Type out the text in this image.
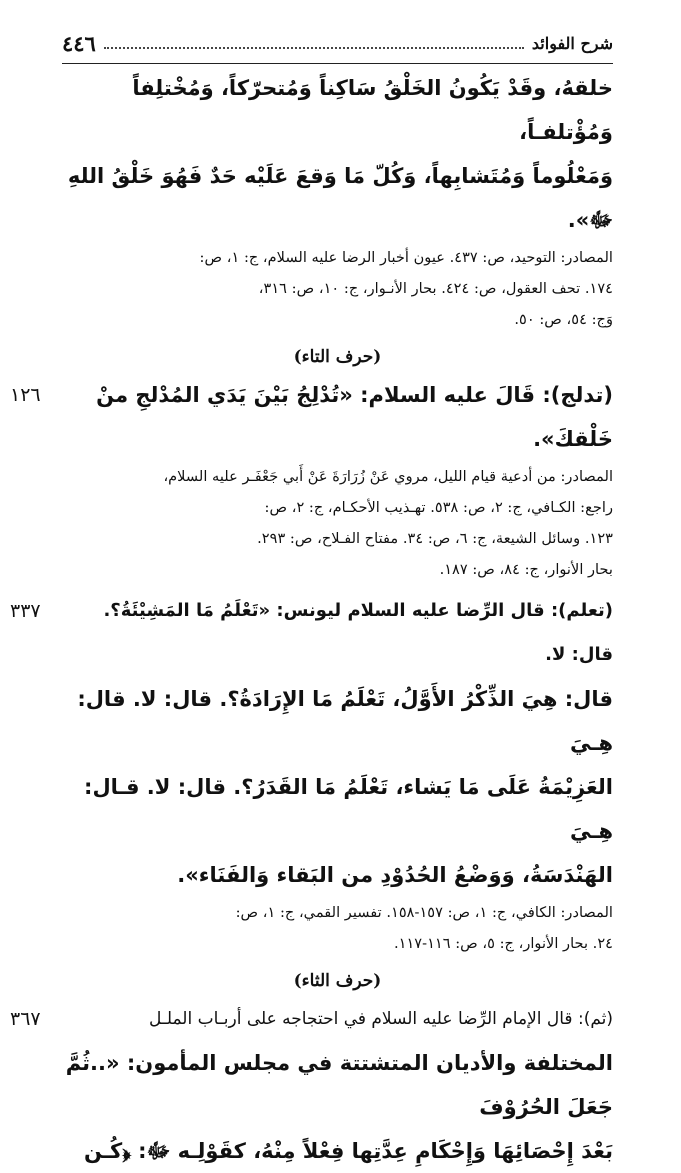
شرح الفوائد
٤٤٦

خلقهُ، وقَدْ يَكُونُ الخَلْقُ سَاكِناً وَمُتحرّكاً، وَمُخْتلِفاً وَمُؤْتلفـاً،

وَمَعْلُوماً وَمُتَشابِهاً، وَكُلّ مَا وَقعَ عَلَيْه حَدٌ فَهُوَ خَلْقُ اللهِ ﷻ».

المصادر: التوحيد، ص: ٤٣٧. عيون أخبار الرضا عليه السلام، ج: ١، ص:

١٧٤. تحف العقول، ص: ٤٢٤. بحار الأنـوار، ج: ١٠، ص: ٣١٦،

وَج: ٥٤، ص: ٥٠.

(حرف التاء)
١٢٦	(تدلج): قَالَ عليه السلام: «تُدْلِجُ بَيْنَ يَدَي المُدْلجِ منْ خَلْقكَ».

المصادر: من أدعية قيام الليل، مروي عَنْ زُرَارَةَ عَنْ أَبي جَعْفَـر عليه السلام،

راجع: الكـافي، ج: ٢، ص: ٥٣٨. تهـذيب الأحكـام، ج: ٢، ص:

١٢٣. وسائل الشيعة، ج: ٦، ص: ٣٤. مفتاح الفـلاح، ص: ٢٩٣.

بحار الأنوار، ج: ٨٤، ص: ١٨٧.

٣٣٧	(تعلم): قال الرِّضا عليه السلام ليونس: «تَعْلَمُ مَا المَشِيْئَةُ؟. قال: لا.

قال: هِيَ الذِّكْرُ الأَوَّلُ، تَعْلَمُ مَا الإِرَادَةُ؟. قال: لا. قال: هِـيَ

العَزِيْمَةُ عَلَى مَا يَشاء، تَعْلَمُ مَا القَدَرُ؟. قال: لا. قـال: هِـيَ

الهَنْدَسَةُ، وَوَضْعُ الحُدُوْدِ من البَقاء وَالفَنَاء».

المصادر: الكافي، ج: ١، ص: ١٥٧-١٥٨. تفسير القمي، ج: ١، ص:

٢٤. بحار الأنوار، ج: ٥، ص: ١١٦-١١٧.

(حرف الثاء)
٣٦٧	(ثم): قال الإمام الرِّضا عليه السلام في احتجاجه على أربـاب الملـل

المختلفة والأديان المتشتتة في مجلس المأمون: «..ثُمَّ جَعَلَ الحُرُوْفَ

بَعْدَ إِحْصَائِهَا وَإِحْكَامِ عِدَّتِها فِعْلاً مِنْهُ، كقَوْلِـه ﷻ: ﴿كُـن
